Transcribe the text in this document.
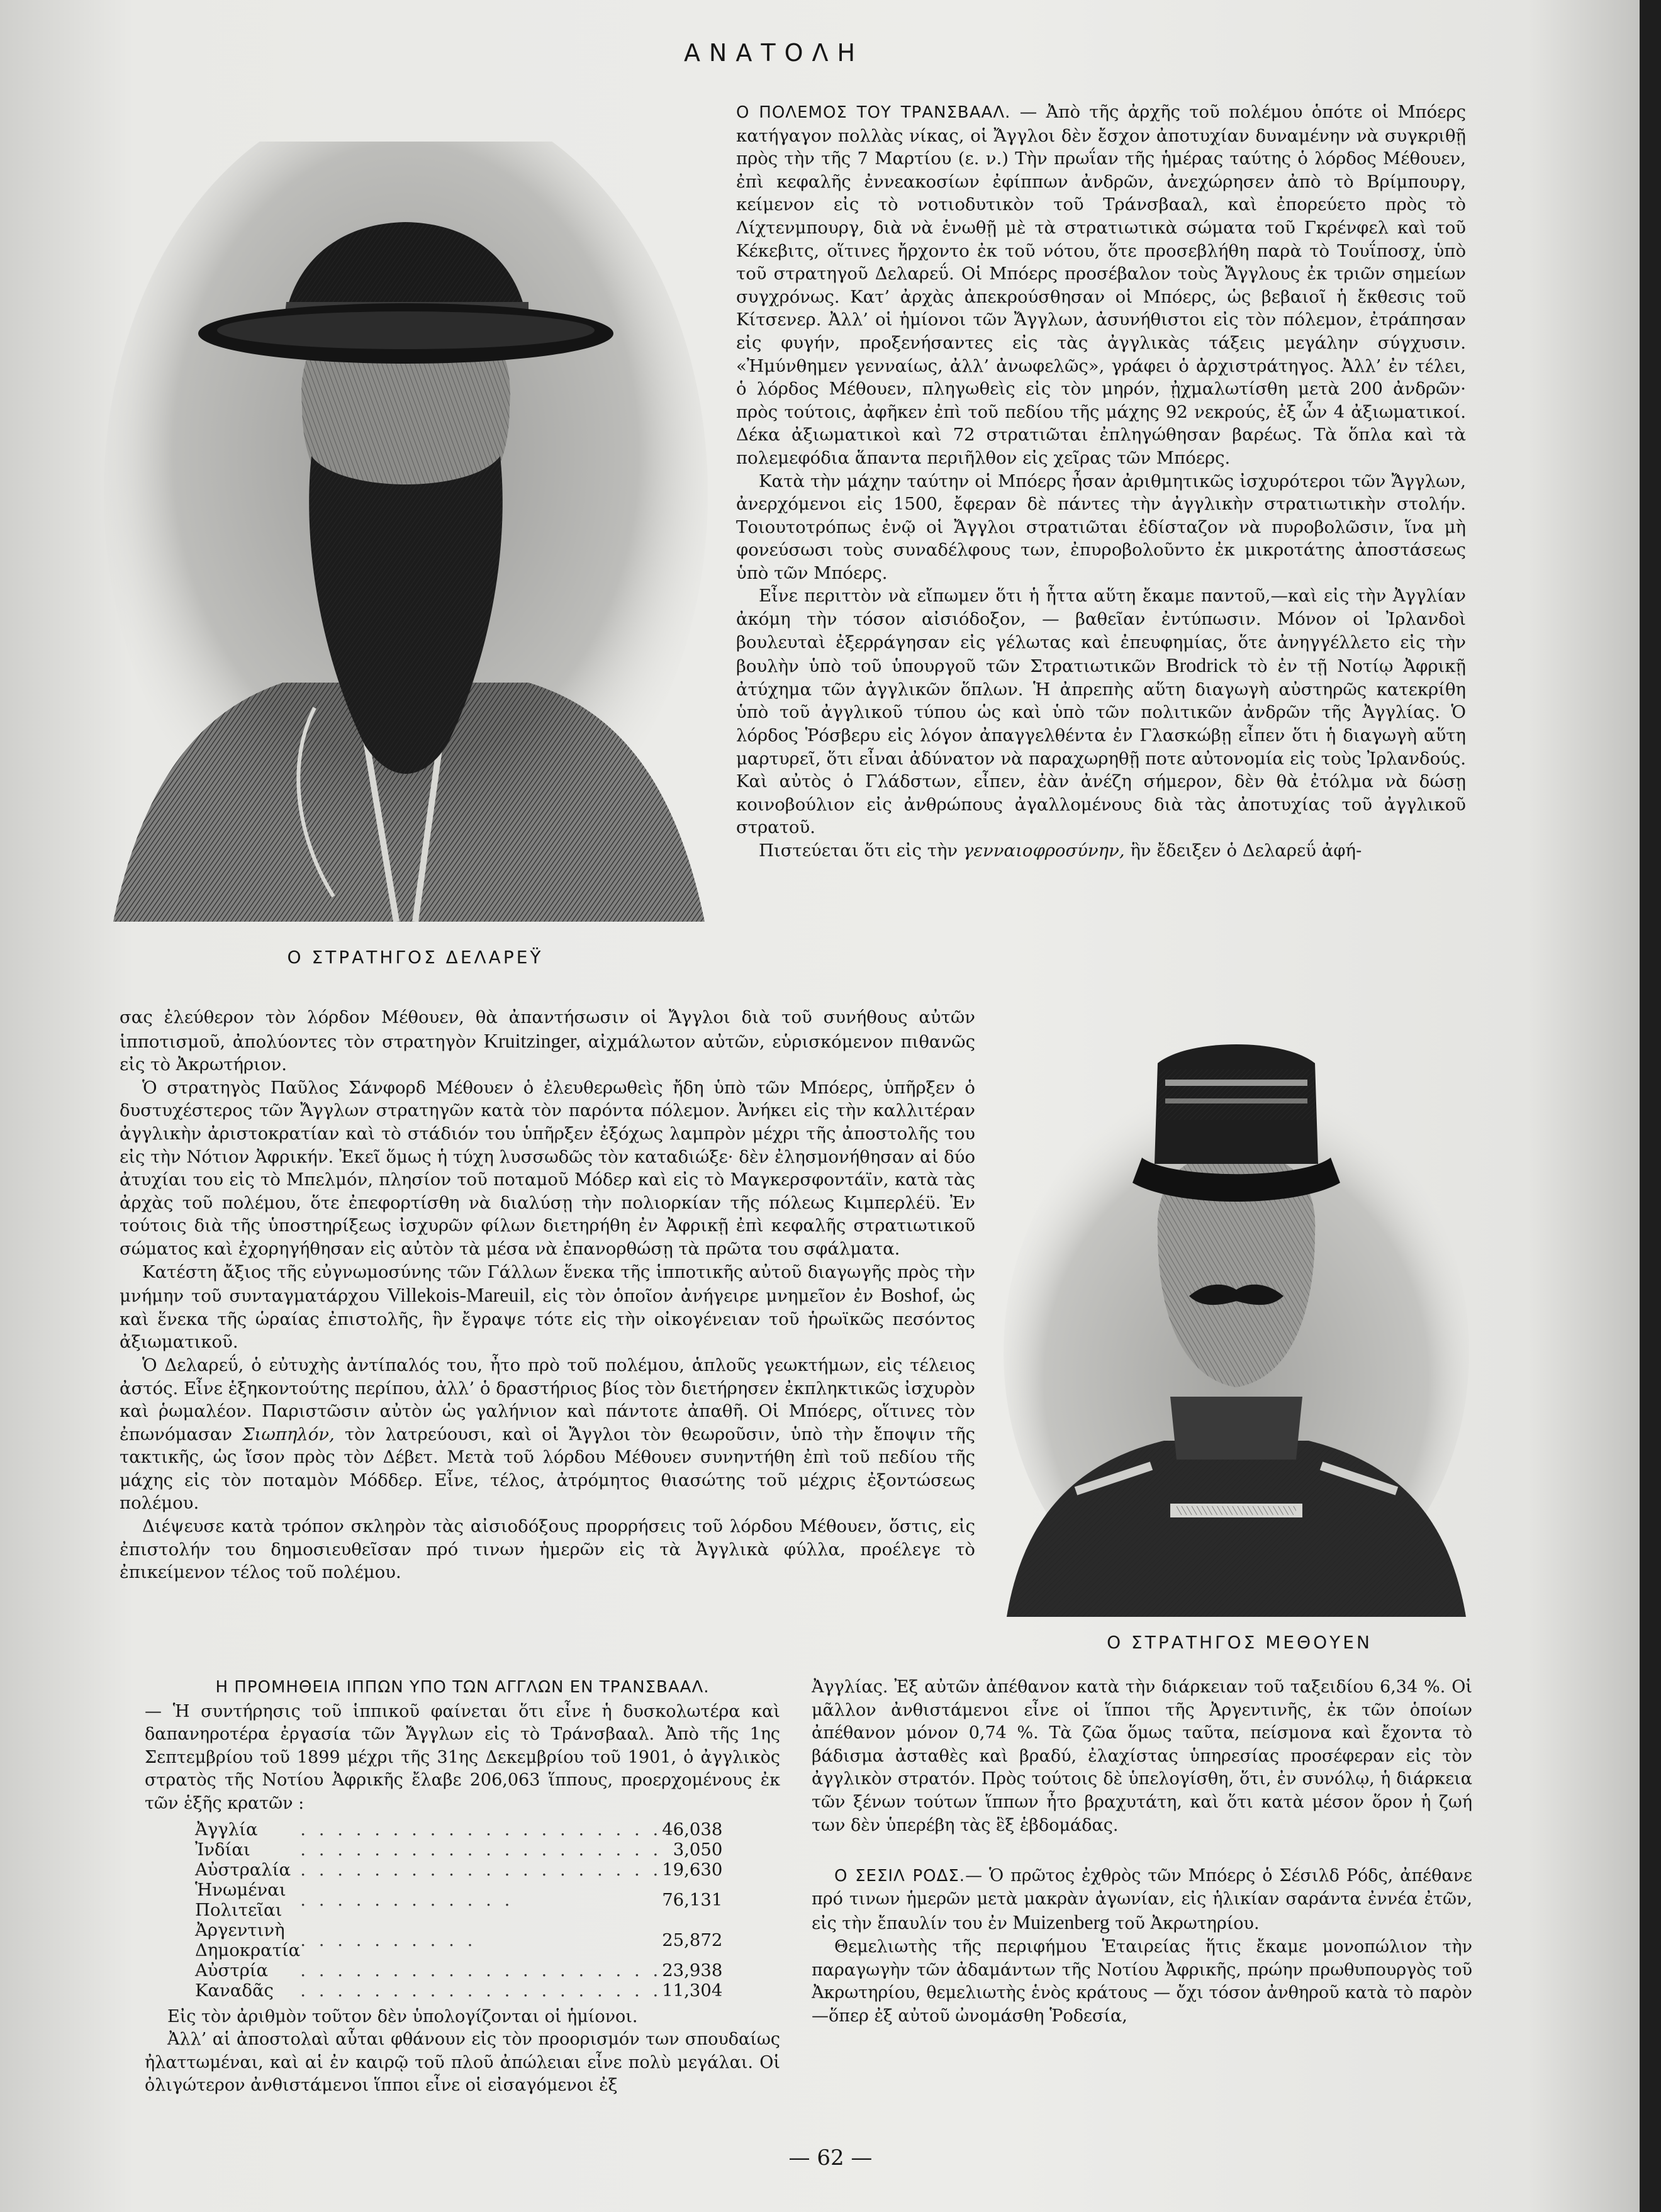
ΑΝΑΤΟΛΗ
Ο ΣΤΡΑΤΗΓΟΣ ΔΕΛΑΡΕΫ

Ο ΠΟΛΕΜΟΣ ΤΟΥ ΤΡΑΝΣΒΑΑΛ. — Ἀπὸ τῆς ἀρχῆς τοῦ πολέμου ὁπότε οἱ Μπόερς κατήγαγον πολλὰς νίκας, οἱ Ἄγγλοι δὲν ἔσχον ἀποτυχίαν δυναμένην νὰ συγκριθῇ πρὸς τὴν τῆς 7 Μαρτίου (ε. ν.) Τὴν πρωΐαν τῆς ἡμέρας ταύτης ὁ λόρδος Μέθουεν, ἐπὶ κεφαλῆς ἐννεακοσίων ἐφίππων ἀνδρῶν, ἀνεχώρησεν ἀπὸ τὸ Βρίμπουργ, κείμενον εἰς τὸ νοτιοδυτικὸν τοῦ Τράνσβααλ, καὶ ἐπορεύετο πρὸς τὸ Λίχτενμπουργ, διὰ νὰ ἑνωθῇ μὲ τὰ στρατιωτικὰ σώματα τοῦ Γκρένφελ καὶ τοῦ Κέκεβιτς, οἵτινες ἤρχοντο ἐκ τοῦ νότου, ὅτε προσεβλήθη παρὰ τὸ Τουΐποσχ, ὑπὸ τοῦ στρατηγοῦ Δελαρεΰ. Οἱ Μπόερς προσέβαλον τοὺς Ἄγγλους ἐκ τριῶν σημείων συγχρόνως. Κατ’ ἀρχὰς ἀπεκρούσθησαν οἱ Μπόερς, ὡς βεβαιοῖ ἡ ἔκθεσις τοῦ Κίτσενερ. Ἀλλ’ οἱ ἡμίονοι τῶν Ἄγγλων, ἀσυνήθιστοι εἰς τὸν πόλεμον, ἐτράπησαν εἰς φυγήν, προξενήσαντες εἰς τὰς ἀγγλικὰς τάξεις μεγάλην σύγχυσιν. «Ἠμύνθημεν γενναίως, ἀλλ’ ἀνωφελῶς», γράφει ὁ ἀρχιστράτηγος. Ἀλλ’ ἐν τέλει, ὁ λόρδος Μέθουεν, πληγωθεὶς εἰς τὸν μηρόν, ᾐχμαλωτίσθη μετὰ 200 ἀνδρῶν· πρὸς τούτοις, ἀφῆκεν ἐπὶ τοῦ πεδίου τῆς μάχης 92 νεκρούς, ἐξ ὧν 4 ἀξιωματικοί. Δέκα ἀξιωματικοὶ καὶ 72 στρατιῶται ἐπληγώθησαν βαρέως. Τὰ ὅπλα καὶ τὰ πολεμεφόδια ἅπαντα περιῆλθον εἰς χεῖρας τῶν Μπόερς.

Κατὰ τὴν μάχην ταύτην οἱ Μπόερς ἦσαν ἀριθμητικῶς ἰσχυρότεροι τῶν Ἄγγλων, ἀνερχόμενοι εἰς 1500, ἔφεραν δὲ πάντες τὴν ἀγγλικὴν στρατιωτικὴν στολήν. Τοιουτοτρόπως ἐνῷ οἱ Ἄγγλοι στρατιῶται ἐδίσταζον νὰ πυροβολῶσιν, ἵνα μὴ φονεύσωσι τοὺς συναδέλφους των, ἐπυροβολοῦντο ἐκ μικροτάτης ἀποστάσεως ὑπὸ τῶν Μπόερς.

Εἶνε περιττὸν νὰ εἴπωμεν ὅτι ἡ ἧττα αὕτη ἔκαμε παντοῦ,—καὶ εἰς τὴν Ἀγγλίαν ἀκόμη τὴν τόσον αἰσιόδοξον, — βαθεῖαν ἐντύπωσιν. Μόνον οἱ Ἰρλανδοὶ βουλευταὶ ἐξερράγησαν εἰς γέλωτας καὶ ἐπευφημίας, ὅτε ἀνηγγέλλετο εἰς τὴν βουλὴν ὑπὸ τοῦ ὑπουργοῦ τῶν Στρατιωτικῶν Brodrick τὸ ἐν τῇ Νοτίῳ Ἀφρικῇ ἀτύχημα τῶν ἀγγλικῶν ὅπλων. Ἡ ἀπρεπὴς αὕτη διαγωγὴ αὐστηρῶς κατεκρίθη ὑπὸ τοῦ ἀγγλικοῦ τύπου ὡς καὶ ὑπὸ τῶν πολιτικῶν ἀνδρῶν τῆς Ἀγγλίας. Ὁ λόρδος Ῥόσβερυ εἰς λόγον ἀπαγγελθέντα ἐν Γλασκώβῃ εἶπεν ὅτι ἡ διαγωγὴ αὕτη μαρτυρεῖ, ὅτι εἶναι ἀδύνατον νὰ παραχωρηθῇ ποτε αὐτονομία εἰς τοὺς Ἰρλανδούς. Καὶ αὐτὸς ὁ Γλάδστων, εἶπεν, ἐὰν ἀνέζη σήμερον, δὲν θὰ ἐτόλμα νὰ δώσῃ κοινοβούλιον εἰς ἀνθρώπους ἀγαλλομένους διὰ τὰς ἀποτυχίας τοῦ ἀγγλικοῦ στρατοῦ.

Πιστεύεται ὅτι εἰς τὴν γενναιοφροσύνην, ἣν ἔδειξεν ὁ Δελαρεΰ ἀφή-

σας ἐλεύθερον τὸν λόρδον Μέθουεν, θὰ ἀπαντήσωσιν οἱ Ἄγγλοι διὰ τοῦ συνήθους αὐτῶν ἱπποτισμοῦ, ἀπολύοντες τὸν στρατηγὸν Kruitzinger, αἰχμάλωτον αὐτῶν, εὑρισκόμενον πιθανῶς εἰς τὸ Ἀκρωτήριον.

Ὁ στρατηγὸς Παῦλος Σάνφορδ Μέθουεν ὁ ἐλευθερωθεὶς ἤδη ὑπὸ τῶν Μπόερς, ὑπῆρξεν ὁ δυστυχέστερος τῶν Ἄγγλων στρατηγῶν κατὰ τὸν παρόντα πόλεμον. Ἀνήκει εἰς τὴν καλλιτέραν ἀγγλικὴν ἀριστοκρατίαν καὶ τὸ στάδιόν του ὑπῆρξεν ἐξόχως λαμπρὸν μέχρι τῆς ἀποστολῆς του εἰς τὴν Νότιον Ἀφρικήν. Ἐκεῖ ὅμως ἡ τύχη λυσσωδῶς τὸν καταδιώξε· δὲν ἐλησμονήθησαν αἱ δύο ἀτυχίαι του εἰς τὸ Μπελμόν, πλησίον τοῦ ποταμοῦ Μόδερ καὶ εἰς τὸ Μαγκερσφοντάϊν, κατὰ τὰς ἀρχὰς τοῦ πολέμου, ὅτε ἐπεφορτίσθη νὰ διαλύσῃ τὴν πολιορκίαν τῆς πόλεως Κιμπερλέϋ. Ἐν τούτοις διὰ τῆς ὑποστηρίξεως ἰσχυρῶν φίλων διετηρήθη ἐν Ἀφρικῇ ἐπὶ κεφαλῆς στρατιωτικοῦ σώματος καὶ ἐχορηγήθησαν εἰς αὐτὸν τὰ μέσα νὰ ἐπανορθώσῃ τὰ πρῶτα του σφάλματα.

Κατέστη ἄξιος τῆς εὐγνωμοσύνης τῶν Γάλλων ἕνεκα τῆς ἱπποτικῆς αὐτοῦ διαγωγῆς πρὸς τὴν μνήμην τοῦ συνταγματάρχου Villekois-Mareuil, εἰς τὸν ὁποῖον ἀνήγειρε μνημεῖον ἐν Boshof, ὡς καὶ ἕνεκα τῆς ὡραίας ἐπιστολῆς, ἣν ἔγραψε τότε εἰς τὴν οἰκογένειαν τοῦ ἡρωϊκῶς πεσόντος ἀξιωματικοῦ.

Ὁ Δελαρεΰ, ὁ εὐτυχὴς ἀντίπαλός του, ἦτο πρὸ τοῦ πολέμου, ἁπλοῦς γεωκτήμων, εἰς τέλειος ἀστός. Εἶνε ἑξηκοντούτης περίπου, ἀλλ’ ὁ δραστήριος βίος τὸν διετήρησεν ἐκπληκτικῶς ἰσχυρὸν καὶ ῥωμαλέον. Παριστῶσιν αὐτὸν ὡς γαλήνιον καὶ πάντοτε ἀπαθῆ. Οἱ Μπόερς, οἵτινες τὸν ἐπωνόμασαν Σιωπηλόν, τὸν λατρεύουσι, καὶ οἱ Ἄγγλοι τὸν θεωροῦσιν, ὑπὸ τὴν ἔποψιν τῆς τακτικῆς, ὡς ἴσον πρὸς τὸν Δέβετ. Μετὰ τοῦ λόρδου Μέθουεν συνηντήθη ἐπὶ τοῦ πεδίου τῆς μάχης εἰς τὸν ποταμὸν Μόδδερ. Εἶνε, τέλος, ἀτρόμητος θιασώτης τοῦ μέχρις ἐξοντώσεως πολέμου.

Διέψευσε κατὰ τρόπον σκληρὸν τὰς αἰσιοδόξους προρρήσεις τοῦ λόρδου Μέθουεν, ὅστις, εἰς ἐπιστολήν του δημοσιευθεῖσαν πρό τινων ἡμερῶν εἰς τὰ Ἀγγλικὰ φύλλα, προέλεγε τὸ ἐπικείμενον τέλος τοῦ πολέμου.

Ο ΣΤΡΑΤΗΓΟΣ ΜΕΘΟΥΕΝ
Η ΠΡΟΜΗΘΕΙΑ ΙΠΠΩΝ ΥΠΟ ΤΩΝ ΑΓΓΛΩΝ ΕΝ ΤΡΑΝΣΒΑΑΛ.

— Ἡ συντήρησις τοῦ ἱππικοῦ φαίνεται ὅτι εἶνε ἡ δυσκολωτέρα καὶ δαπανηροτέρα ἐργασία τῶν Ἄγγλων εἰς τὸ Τράνσβααλ. Ἀπὸ τῆς 1ης Σεπτεμβρίου τοῦ 1899 μέχρι τῆς 31ης Δεκεμβρίου τοῦ 1901, ὁ ἀγγλικὸς στρατὸς τῆς Νοτίου Ἀφρικῆς ἔλαβε 206,063 ἵππους, προερχομένους ἐκ τῶν ἑξῆς κρατῶν :

Ἀγγλία	. . . . . . . . . . . . . . . . . . . .	46,038
Ἰνδίαι	. . . . . . . . . . . . . . . . . . . .	3,050
Αὐστραλία	. . . . . . . . . . . . . . . . . . . .	19,630
Ἡνωμέναι Πολιτεῖαι	. . . . . . . . . . . .	76,131
Ἀργεντινὴ Δημοκρατία	. . . . . . . . . .	25,872
Αὐστρία	. . . . . . . . . . . . . . . . . . . .	23,938
Καναδᾶς	. . . . . . . . . . . . . . . . . . . .	11,304

Εἰς τὸν ἀριθμὸν τοῦτον δὲν ὑπολογίζονται οἱ ἡμίονοι.

Ἀλλ’ αἱ ἀποστολαὶ αὗται φθάνουν εἰς τὸν προορισμόν των σπουδαίως ἠλαττωμέναι, καὶ αἱ ἐν καιρῷ τοῦ πλοῦ ἀπώλειαι εἶνε πολὺ μεγάλαι. Οἱ ὀλιγώτερον ἀνθιστάμενοι ἵπποι εἶνε οἱ εἰσαγόμενοι ἐξ

Ἀγγλίας. Ἐξ αὐτῶν ἀπέθανον κατὰ τὴν διάρκειαν τοῦ ταξειδίου 6,34 %. Οἱ μᾶλλον ἀνθιστάμενοι εἶνε οἱ ἵπποι τῆς Ἀργεντινῆς, ἐκ τῶν ὁποίων ἀπέθανον μόνον 0,74 %. Τὰ ζῶα ὅμως ταῦτα, πείσμονα καὶ ἔχοντα τὸ βάδισμα ἀσταθὲς καὶ βραδύ, ἐλαχίστας ὑπηρεσίας προσέφεραν εἰς τὸν ἀγγλικὸν στρατόν. Πρὸς τούτοις δὲ ὑπελογίσθη, ὅτι, ἐν συνόλῳ, ἡ διάρκεια τῶν ξένων τούτων ἵππων ἦτο βραχυτάτη, καὶ ὅτι κατὰ μέσον ὅρον ἡ ζωή των δὲν ὑπερέβη τὰς ἓξ ἑβδομάδας.

Ο ΣΕΣΙΛ ΡΟΔΣ.— Ὁ πρῶτος ἐχθρὸς τῶν Μπόερς ὁ Σέσιλδ Ρόδς, ἀπέθανε πρό τινων ἡμερῶν μετὰ μακρὰν ἀγωνίαν, εἰς ἡλικίαν σαράντα ἐννέα ἐτῶν, εἰς τὴν ἔπαυλίν του ἐν Muizenberg τοῦ Ἀκρωτηρίου.

Θεμελιωτὴς τῆς περιφήμου Ἑταιρείας ἥτις ἔκαμε μονοπώλιον τὴν παραγωγὴν τῶν ἀδαμάντων τῆς Νοτίου Ἀφρικῆς, πρώην πρωθυπουργὸς τοῦ Ἀκρωτηρίου, θεμελιωτὴς ἑνὸς κράτους — ὄχι τόσον ἀνθηροῦ κατὰ τὸ παρὸν—ὅπερ ἐξ αὐτοῦ ὠνομάσθη Ῥοδεσία,

— 62 —
